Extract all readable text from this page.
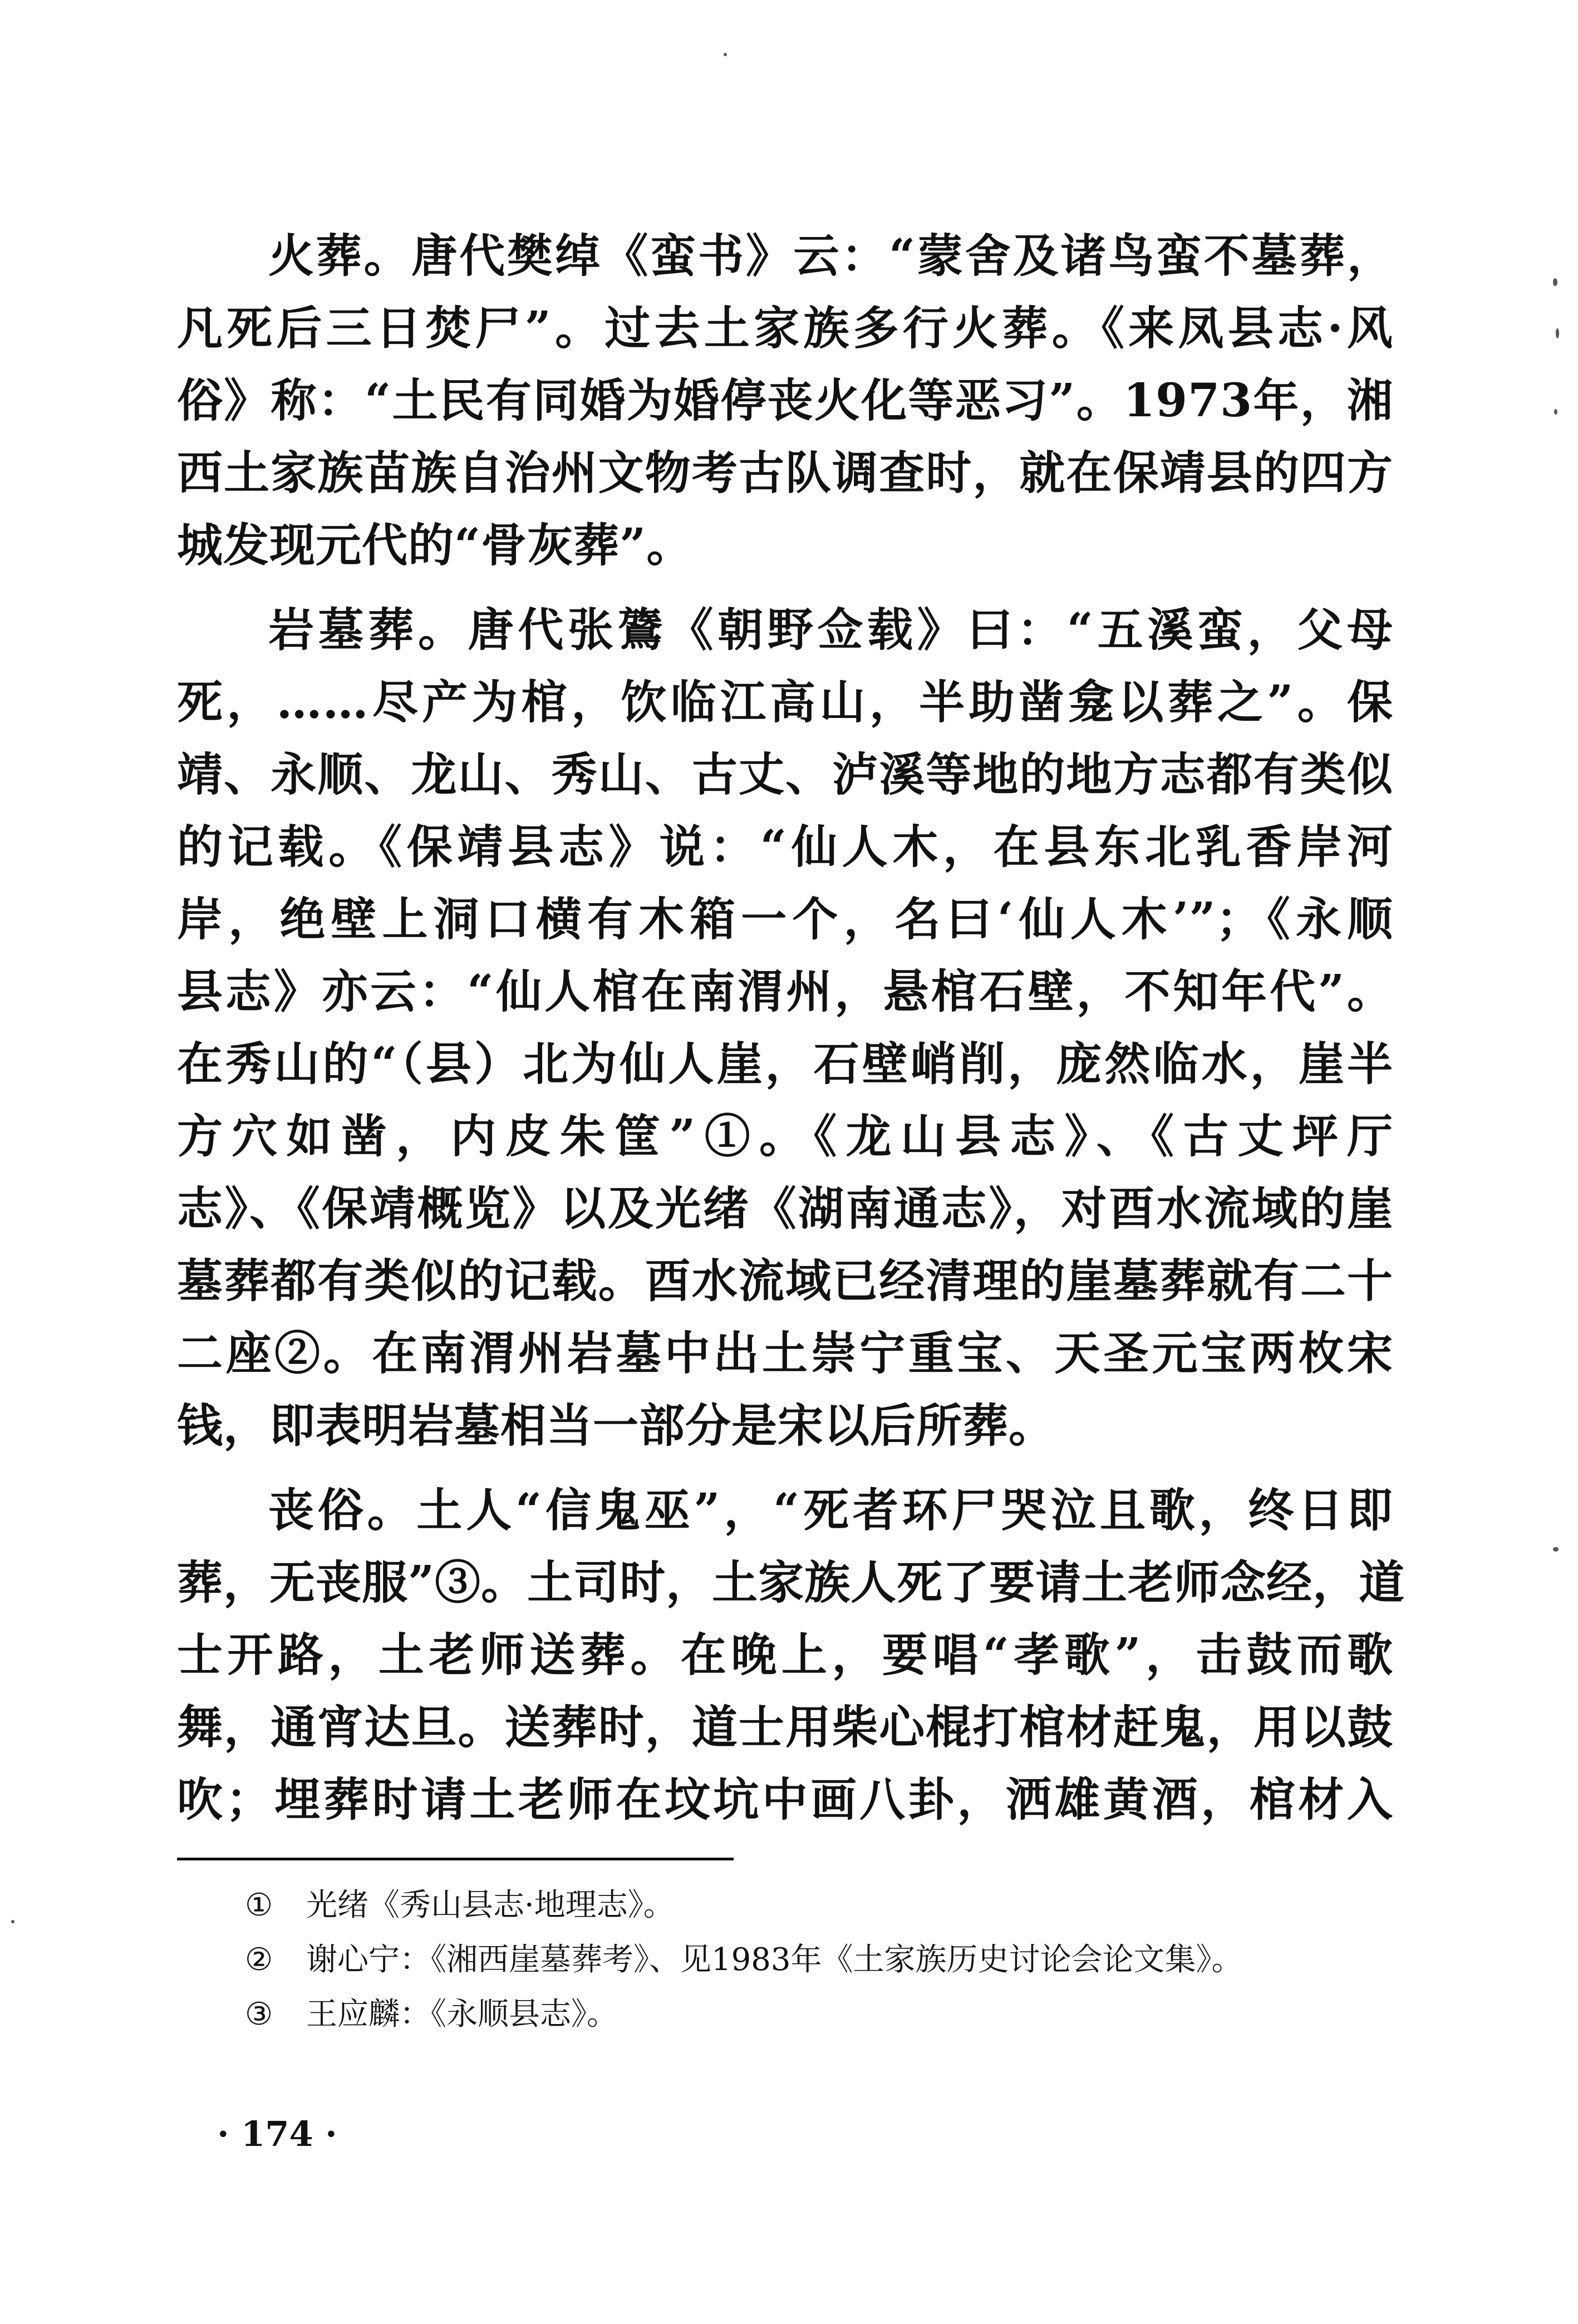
火葬。唐代樊绰《蛮书》云：“蒙舍及诸鸟蛮不墓葬，
凡死后三日焚尸”。过去土家族多行火葬。《来凤县志·风
俗》称：“土民有同婚为婚停丧火化等恶习”。1973年，湘
西土家族苗族自治州文物考古队调查时，就在保靖县的四方
城发现元代的“骨灰葬”。
岩墓葬。唐代张鷟《朝野佥载》曰：“五溪蛮，父母
死，……尽产为棺，饮临江高山，半助凿龛以葬之”。保
靖、永顺、龙山、秀山、古丈、泸溪等地的地方志都有类似
的记载。《保靖县志》说：“仙人木，在县东北乳香岸河
岸，绝壁上洞口横有木箱一个，名曰‘仙人木’”；《永顺
县志》亦云：“仙人棺在南渭州，悬棺石壁，不知年代”。
在秀山的“（县）北为仙人崖，石壁峭削，庞然临水，崖半
方穴如凿，内皮朱筐”①。《龙山县志》、《古丈坪厅
志》、《保靖概览》以及光绪《湖南通志》，对酉水流域的崖
墓葬都有类似的记载。酉水流域已经清理的崖墓葬就有二十
二座②。在南渭州岩墓中出土崇宁重宝、天圣元宝两枚宋
钱，即表明岩墓相当一部分是宋以后所葬。
丧俗。土人“信鬼巫”，“死者环尸哭泣且歌，终日即
葬，无丧服”③。土司时，土家族人死了要请土老师念经，道
士开路，土老师送葬。在晚上，要唱“孝歌”，击鼓而歌
舞，通宵达旦。送葬时，道士用柴心棍打棺材赶鬼，用以鼓
吹；埋葬时请土老师在坟坑中画八卦，洒雄黄酒，棺材入
① 光绪《秀山县志·地理志》。
② 谢心宁：《湘西崖墓葬考》、见1983年《土家族历史讨论会论文集》。
③ 王应麟：《永顺县志》。
· 174 ·
